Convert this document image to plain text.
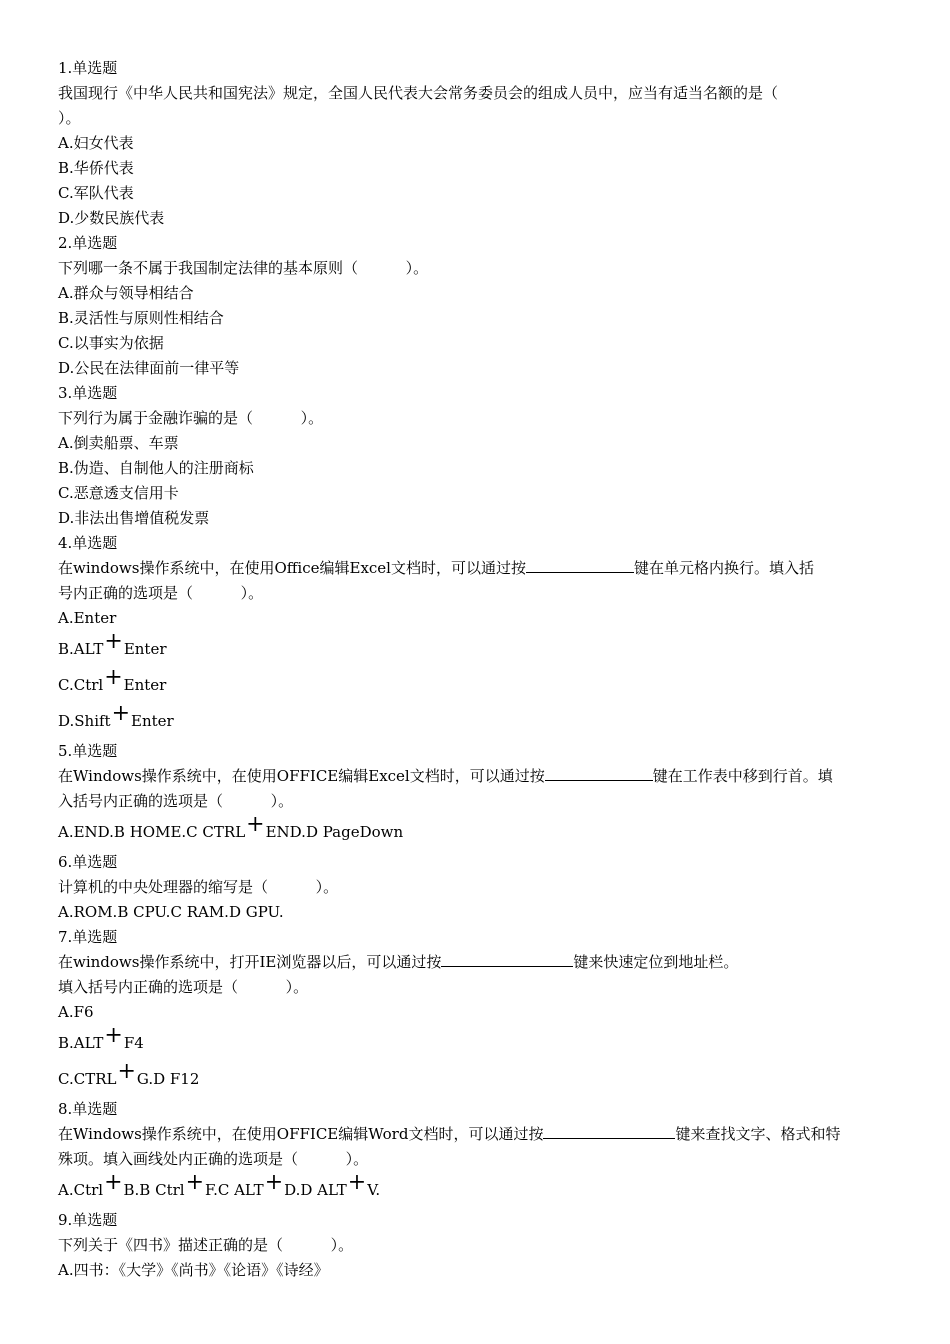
1.单选题

我国现行《中华人民共和国宪法》规定，全国人民代表大会常务委员会的组成人员中，应当有适当名额的是（

）。

A.妇女代表

B.华侨代表

C.军队代表

D.少数民族代表

2.单选题

下列哪一条不属于我国制定法律的基本原则（          ）。

A.群众与领导相结合

B.灵活性与原则性相结合

C.以事实为依据

D.公民在法律面前一律平等

3.单选题

下列行为属于金融诈骗的是（          ）。

A.倒卖船票、车票

B.伪造、自制他人的注册商标

C.恶意透支信用卡

D.非法出售增值税发票

4.单选题

在windows操作系统中，在使用Office编辑Excel文档时，可以通过按	键在单元格内换行。填入括

号内正确的选项是（          ）。

A.Enter

B.ALT+Enter

C.Ctrl+Enter

D.Shift+Enter

5.单选题

在Windows操作系统中，在使用OFFICE编辑Excel文档时，可以通过按	键在工作表中移到行首。填

入括号内正确的选项是（          ）。

A.END.B HOME.C CTRL+END.D PageDown

6.单选题

计算机的中央处理器的缩写是（          ）。

A.ROM.B CPU.C RAM.D GPU.

7.单选题

在windows操作系统中，打开IE浏览器以后，可以通过按	键来快速定位到地址栏。

填入括号内正确的选项是（          ）。

A.F6

B.ALT+F4

C.CTRL+G.D F12

8.单选题

在Windows操作系统中，在使用OFFICE编辑Word文档时，可以通过按	键来查找文字、格式和特

殊项。填入画线处内正确的选项是（          ）。

A.Ctrl+B.B Ctrl+F.C ALT+D.D ALT+V.

9.单选题

下列关于《四书》描述正确的是（          ）。

A.四书：《大学》《尚书》《论语》《诗经》
